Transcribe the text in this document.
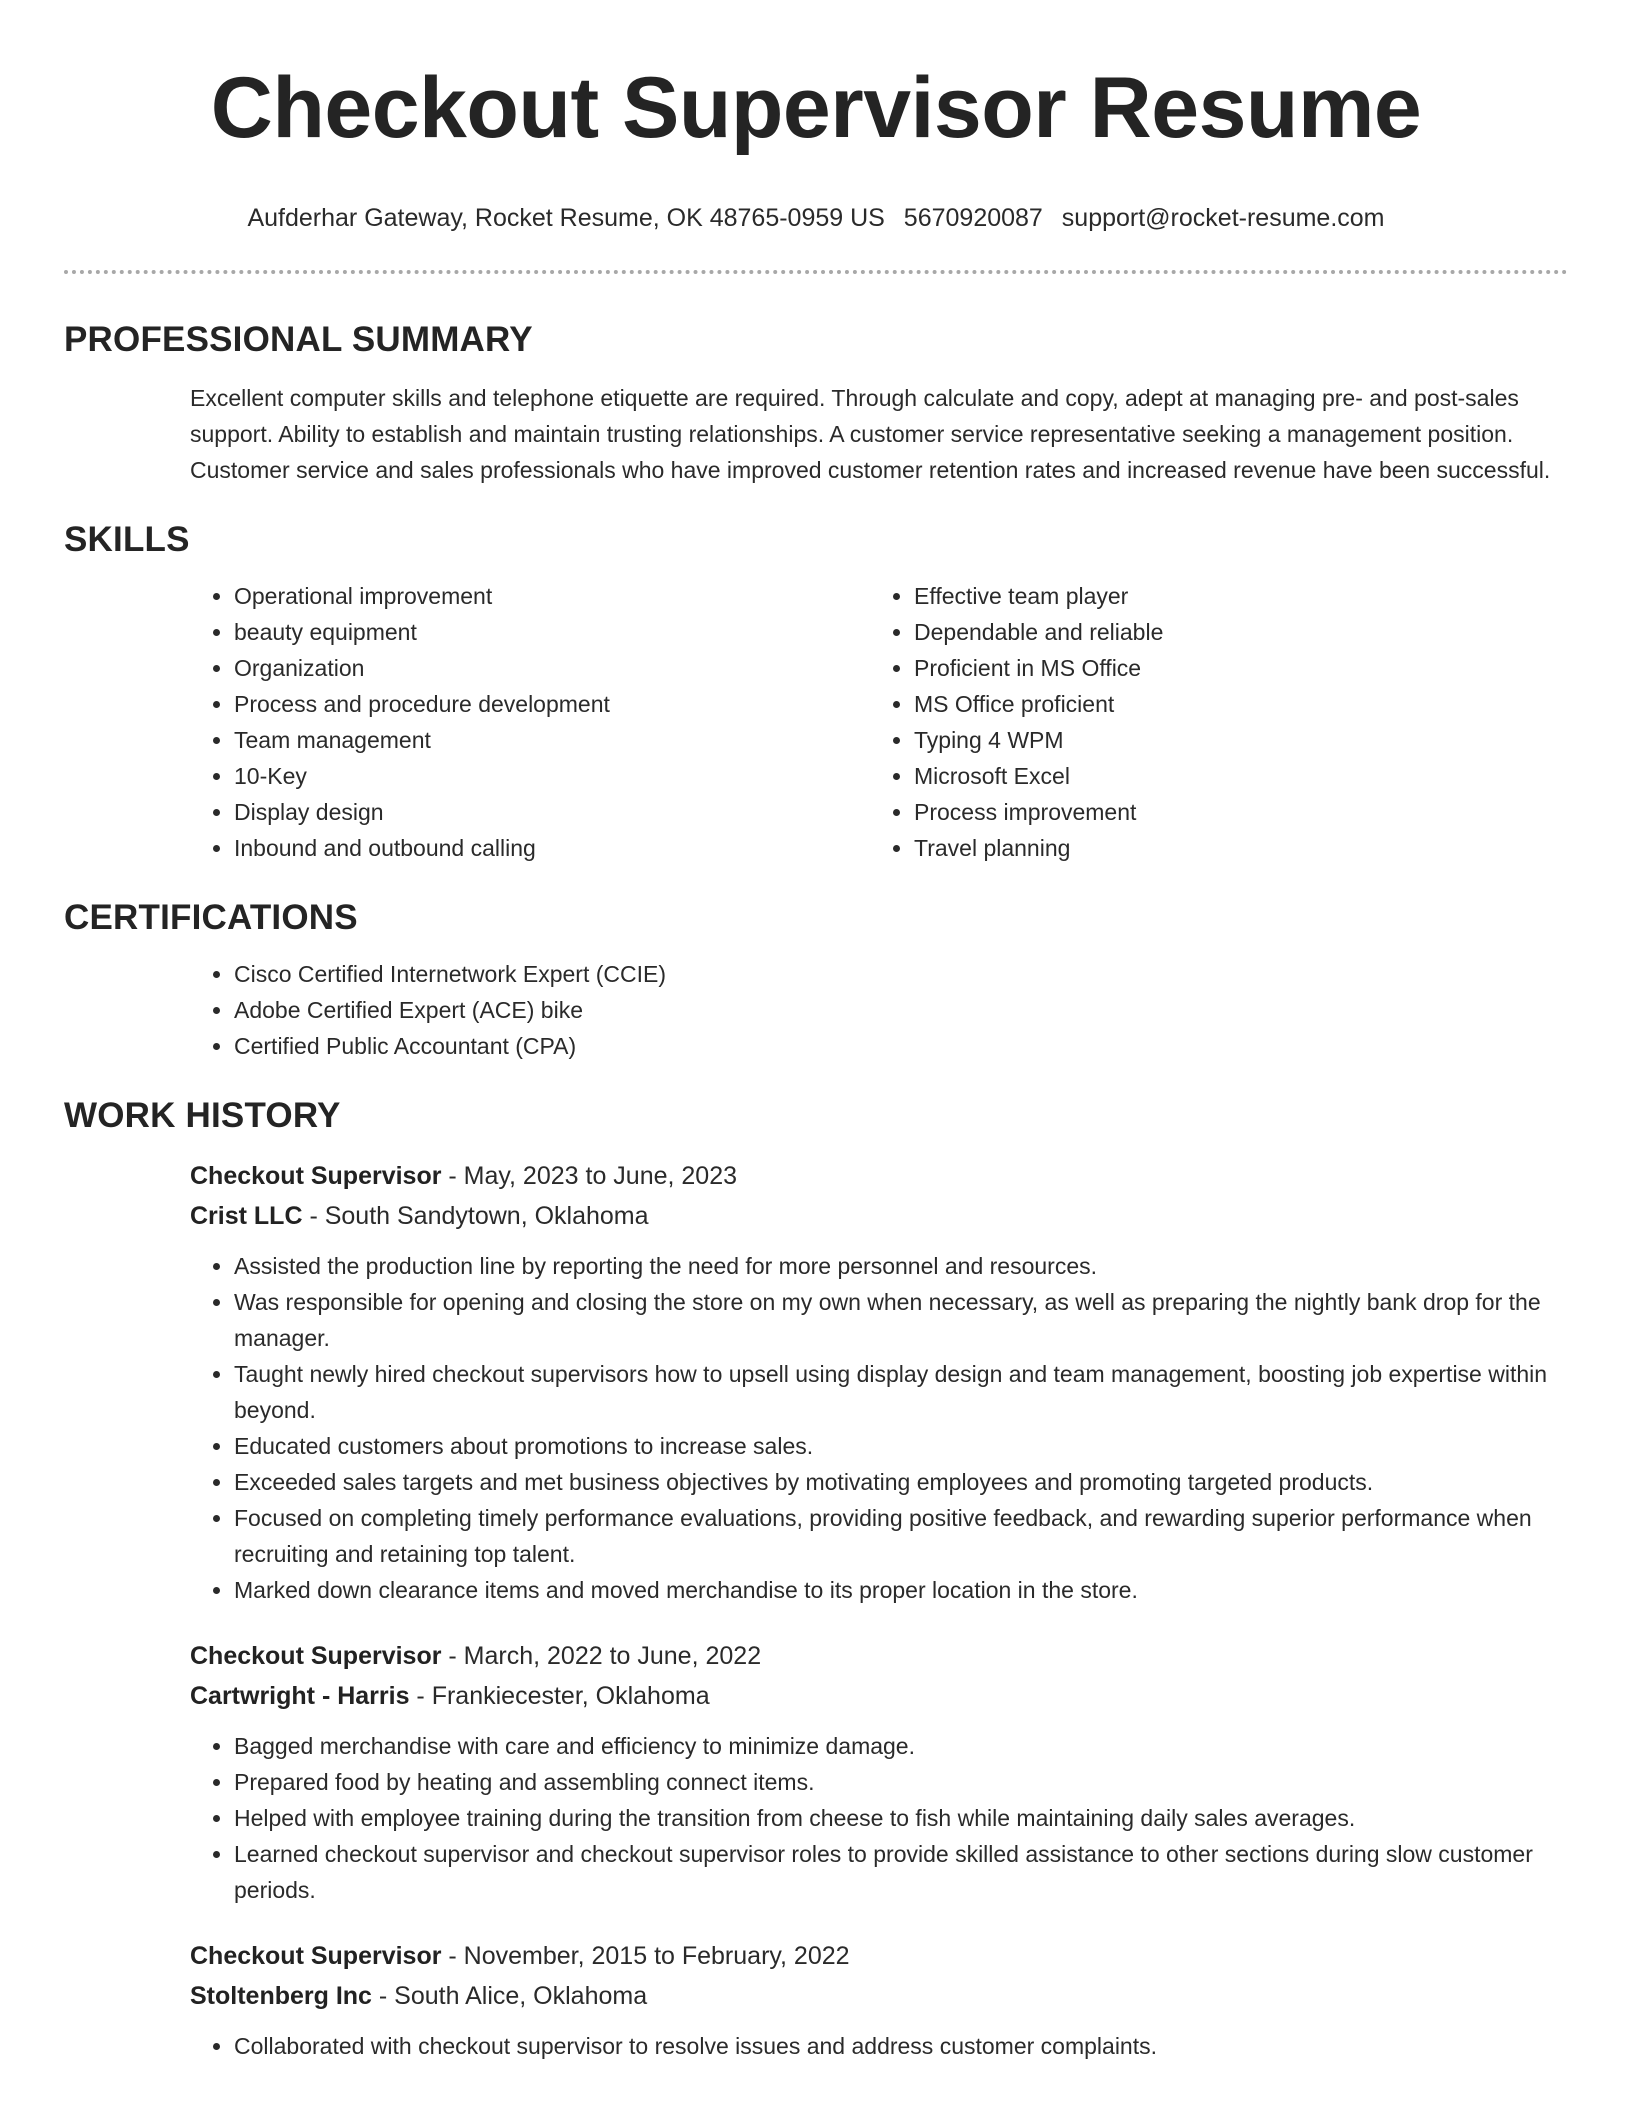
Checkout Supervisor Resume
Aufderhar Gateway, Rocket Resume, OK 48765-0959 US 5670920087 support@rocket-resume.com
PROFESSIONAL SUMMARY

Excellent computer skills and telephone etiquette are required. Through calculate and copy, adept at managing pre- and post-sales support. Ability to establish and maintain trusting relationships. A customer service representative seeking a management position. Customer service and sales professionals who have improved customer retention rates and increased revenue have been successful.

SKILLS
• Operational improvement
• beauty equipment
• Organization
• Process and procedure development
• Team management
• 10-Key
• Display design
• Inbound and outbound calling
• Effective team player
• Dependable and reliable
• Proficient in MS Office
• MS Office proficient
• Typing 4 WPM
• Microsoft Excel
• Process improvement
• Travel planning
CERTIFICATIONS
• Cisco Certified Internetwork Expert (CCIE)
• Adobe Certified Expert (ACE) bike
• Certified Public Accountant (CPA)
WORK HISTORY
Checkout Supervisor - May, 2023 to June, 2023
Crist LLC - South Sandytown, Oklahoma
• Assisted the production line by reporting the need for more personnel and resources.
• Was responsible for opening and closing the store on my own when necessary, as well as preparing the nightly bank drop for the manager.
• Taught newly hired checkout supervisors how to upsell using display design and team management, boosting job expertise within beyond.
• Educated customers about promotions to increase sales.
• Exceeded sales targets and met business objectives by motivating employees and promoting targeted products.
• Focused on completing timely performance evaluations, providing positive feedback, and rewarding superior performance when recruiting and retaining top talent.
• Marked down clearance items and moved merchandise to its proper location in the store.
Checkout Supervisor - March, 2022 to June, 2022
Cartwright - Harris - Frankiecester, Oklahoma
• Bagged merchandise with care and efficiency to minimize damage.
• Prepared food by heating and assembling connect items.
• Helped with employee training during the transition from cheese to fish while maintaining daily sales averages.
• Learned checkout supervisor and checkout supervisor roles to provide skilled assistance to other sections during slow customer periods.
Checkout Supervisor - November, 2015 to February, 2022
Stoltenberg Inc - South Alice, Oklahoma
• Collaborated with checkout supervisor to resolve issues and address customer complaints.
